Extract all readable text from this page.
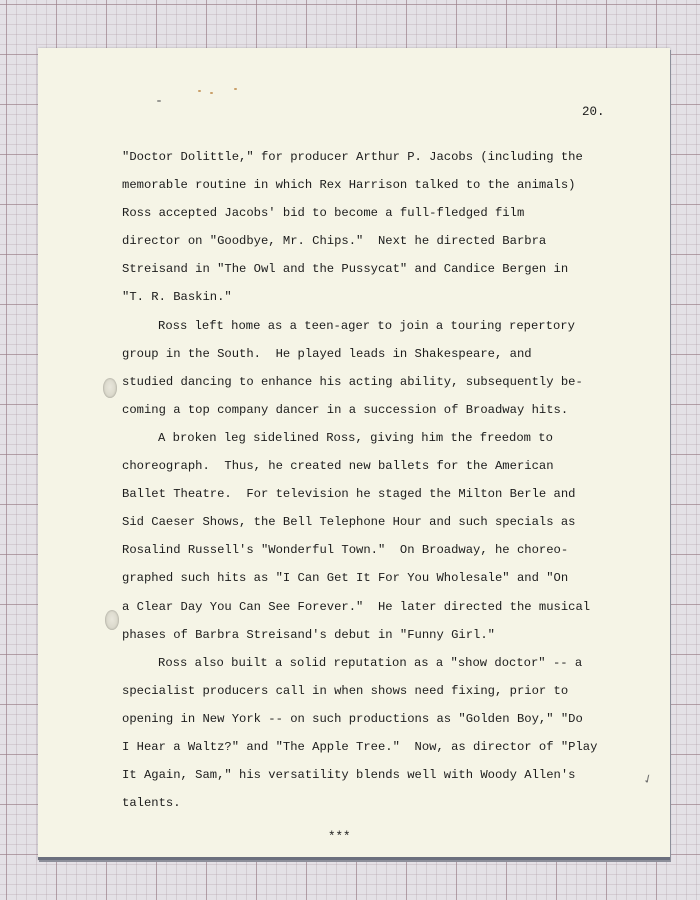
20.

"Doctor Dolittle," for producer Arthur P. Jacobs (including the
memorable routine in which Rex Harrison talked to the animals)
Ross accepted Jacobs' bid to become a full-fledged film
director on "Goodbye, Mr. Chips."  Next he directed Barbra
Streisand in "The Owl and the Pussycat" and Candice Bergen in
"T. R. Baskin."

Ross left home as a teen-ager to join a touring repertory
group in the South.  He played leads in Shakespeare, and
studied dancing to enhance his acting ability, subsequently be-
coming a top company dancer in a succession of Broadway hits.

A broken leg sidelined Ross, giving him the freedom to
choreograph.  Thus, he created new ballets for the American
Ballet Theatre.  For television he staged the Milton Berle and
Sid Caeser Shows, the Bell Telephone Hour and such specials as
Rosalind Russell's "Wonderful Town."  On Broadway, he choreo-
graphed such hits as "I Can Get It For You Wholesale" and "On
a Clear Day You Can See Forever."  He later directed the musical
phases of Barbra Streisand's debut in "Funny Girl."

Ross also built a solid reputation as a "show doctor" -- a
specialist producers call in when shows need fixing, prior to
opening in New York -- on such productions as "Golden Boy," "Do
I Hear a Waltz?" and "The Apple Tree."  Now, as director of "Play
It Again, Sam," his versatility blends well with Woody Allen's
talents.

***

✓
